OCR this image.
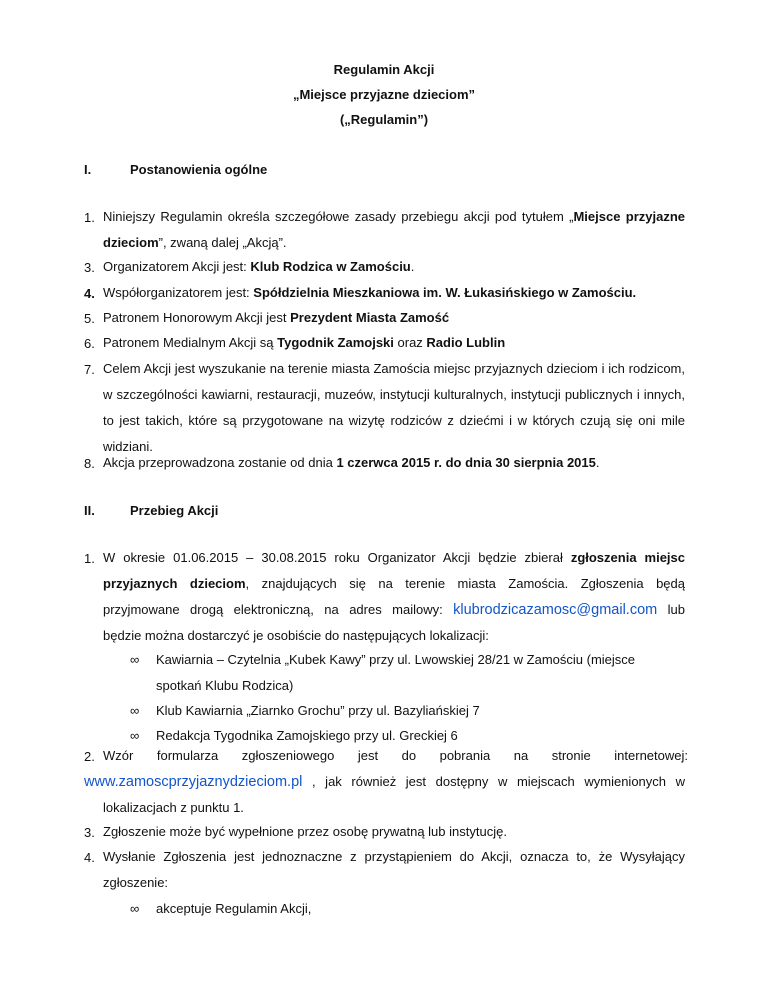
Regulamin Akcji
„Miejsce przyjazne dzieciom”
(„Regulamin”)
I.	Postanowienia ogólne
1. Niniejszy Regulamin określa szczegółowe zasady przebiegu akcji pod tytułem „Miejsce przyjazne
dzieciom”, zwaną dalej „Akcją”.
3. Organizatorem Akcji jest: Klub Rodzica w Zamościu.
4. Współorganizatorem jest: Spółdzielnia Mieszkaniowa im. W. Łukasińskiego w Zamościu.
5. Patronem Honorowym Akcji jest Prezydent Miasta Zamość
6. Patronem Medialnym Akcji są Tygodnik Zamojski oraz Radio Lublin
7. Celem Akcji jest wyszukanie na terenie miasta Zamościa miejsc przyjaznych dzieciom i ich rodzicom, w szczególności kawiarni, restauracji, muzeów, instytucji kulturalnych, instytucji publicznych i innych, to jest takich, które są przygotowane na wizytę rodziców z dziećmi i w których czują się oni mile widziani.
8. Akcja przeprowadzona zostanie od dnia 1 czerwca 2015 r. do dnia 30 sierpnia 2015.
II.	Przebieg Akcji
1. W okresie 01.06.2015 – 30.08.2015 roku Organizator Akcji będzie zbierał zgłoszenia miejsc
przyjaznych dzieciom, znajdujących się na terenie miasta Zamościa. Zgłoszenia będą
przyjmowane drogą elektroniczną, na adres mailowy: klubrodzicazamosc@gmail.com lub
będzie można dostarczyć je osobiście do następujących lokalizacji:
∞	Kawiarnia – Czytelnia „Kubek Kawy” przy ul. Lwowskiej 28/21 w Zamościu (miejsce
spotkań Klubu Rodzica)
∞	Klub Kawiarnia „Ziarnko Grochu” przy ul. Bazyliańskiej 7
∞	Redakcja Tygodnika Zamojskiego przy ul. Greckiej 6
2. Wzór formularza zgłoszeniowego jest do pobrania na stronie internetowej:
www.zamoscprzyjaznydzieciom.pl , jak również jest dostępny w miejscach wymienionych w
lokalizacjach z punktu 1.
3. Zgłoszenie może być wypełnione przez osobę prywatną lub instytucję.
4. Wysłanie Zgłoszenia jest jednoznaczne z przystąpieniem do Akcji, oznacza to, że Wysyłający
zgłoszenie:
∞	akceptuje Regulamin Akcji,
